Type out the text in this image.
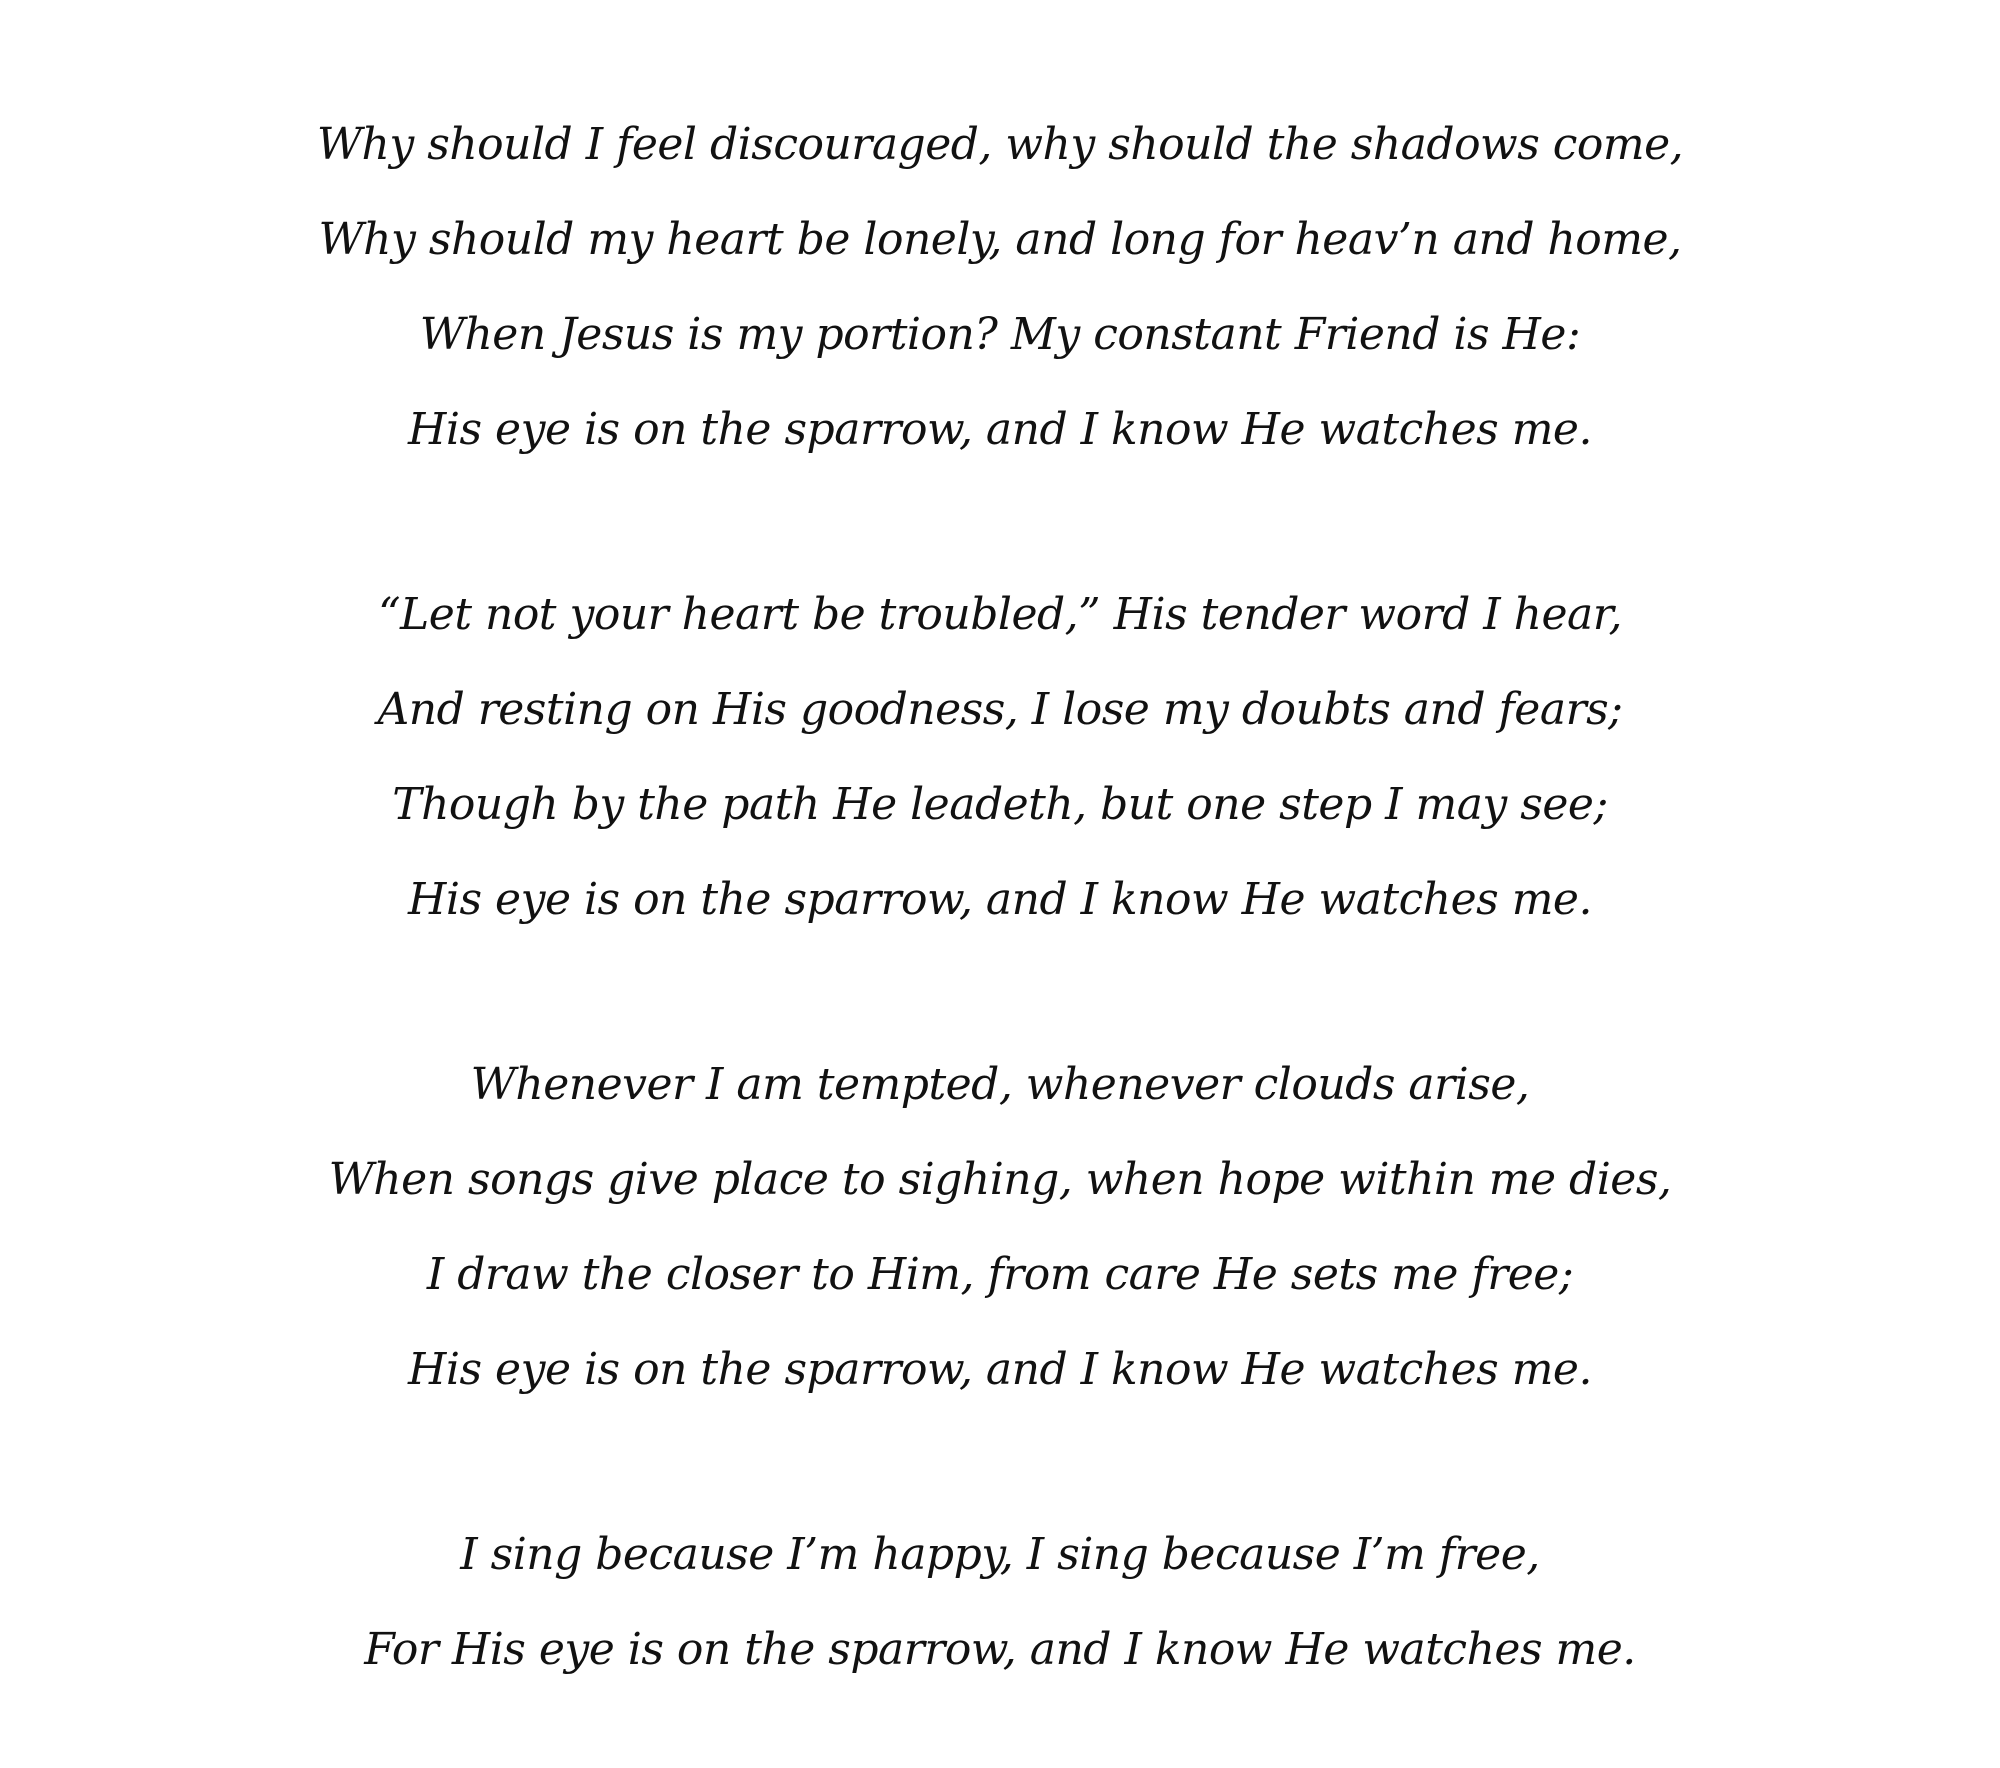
Why should I feel discouraged, why should the shadows come,
Why should my heart be lonely, and long for heav’n and home,
When Jesus is my portion? My constant Friend is He:
His eye is on the sparrow, and I know He watches me.
“Let not your heart be troubled,” His tender word I hear,
And resting on His goodness, I lose my doubts and fears;
Though by the path He leadeth, but one step I may see;
His eye is on the sparrow, and I know He watches me.
Whenever I am tempted, whenever clouds arise,
When songs give place to sighing, when hope within me dies,
I draw the closer to Him, from care He sets me free;
His eye is on the sparrow, and I know He watches me.
I sing because I’m happy, I sing because I’m free,
For His eye is on the sparrow, and I know He watches me.
